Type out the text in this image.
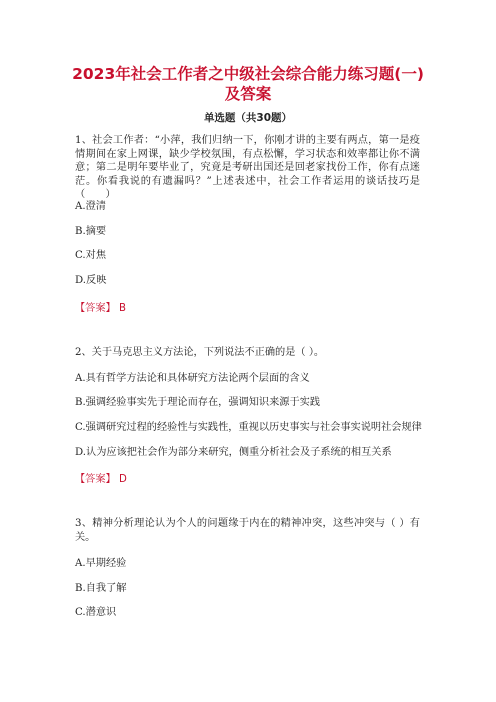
2023年社会工作者之中级社会综合能力练习题(一)
及答案
单选题（共30题）
1、社会工作者：“小萍，我们归纳一下，你刚才讲的主要有两点，第一是疫情期间在家上网课，缺少学校氛围，有点松懈，学习状态和效率都让你不满意；第二是明年要毕业了，究竟是考研出国还是回老家找份工作，你有点迷茫。你看我说的有遗漏吗？”上述表述中，社会工作者运用的谈话技巧是（　　）
A.澄清
B.摘要
C.对焦
D.反映
【答案】 B
2、关于马克思主义方法论，下列说法不正确的是（ ）。
A.具有哲学方法论和具体研究方法论两个层面的含义
B.强调经验事实先于理论而存在，强调知识来源于实践
C.强调研究过程的经验性与实践性，重视以历史事实与社会事实说明社会规律
D.认为应该把社会作为部分来研究，侧重分析社会及子系统的相互关系
【答案】 D
3、精神分析理论认为个人的问题缘于内在的精神冲突，这些冲突与（ ）有关。
A.早期经验
B.自我了解
C.潜意识
